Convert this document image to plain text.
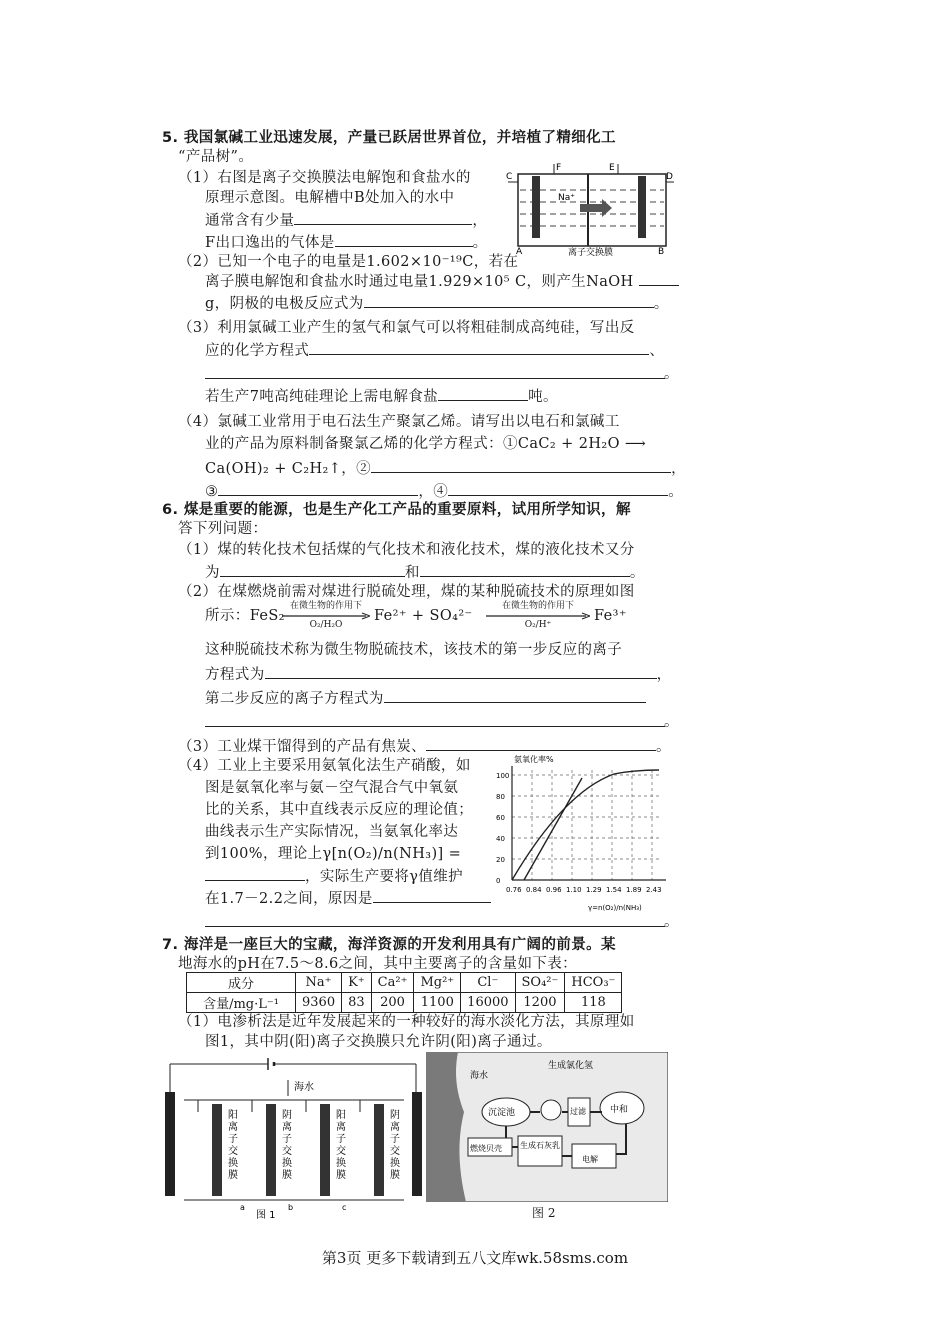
5. 我国氯碱工业迅速发展，产量已跃居世界首位，并培植了精细化工
“产品树”。
（1）右图是离子交换膜法电解饱和食盐水的
原理示意图。电解槽中B处加入的水中
通常含有少量	，
F出口逸出的气体是	。
F	E
C	D
A	B
Na⁺
离子交换膜
（2）已知一个电子的电量是1.602×10⁻¹⁹C，若在
离子膜电解饱和食盐水时通过电量1.929×10⁵ C，则产生NaOH
g，阴极的电极反应式为	。
（3）利用氯碱工业产生的氢气和氯气可以将粗硅制成高纯硅，写出反
应的化学方程式	、
。
若生产7吨高纯硅理论上需电解食盐	吨。
（4）氯碱工业常用于电石法生产聚氯乙烯。请写出以电石和氯碱工
业的产品为原料制备聚氯乙烯的化学方程式：①CaC₂ + 2H₂O ⟶
Ca(OH)₂ + C₂H₂↑，②	，
③	，④	。
6. 煤是重要的能源，也是生产化工产品的重要原料，试用所学知识，解
答下列问题：
（1）煤的转化技术包括煤的气化技术和液化技术，煤的液化技术又分
为	和	。
（2）在煤燃烧前需对煤进行脱硫处理，煤的某种脱硫技术的原理如图
所示：FeS₂
在微生物的作用下
O₂/H₂O
Fe²⁺ + SO₄²⁻
在微生物的作用下
O₂/H⁺
Fe³⁺
这种脱硫技术称为微生物脱硫技术，该技术的第一步反应的离子
方程式为	，
第二步反应的离子方程式为
。
（3）工业煤干馏得到的产品有焦炭、	。
（4）工业上主要采用氨氧化法生产硝酸，如
图是氨氧化率与氨－空气混合气中氧氨
比的关系，其中直线表示反应的理论值；
曲线表示生产实际情况，当氨氧化率达
到100%，理论上γ[n(O₂)/n(NH₃)] =
，实际生产要将γ值维护
在1.7－2.2之间，原因是
。
氨氧化率%
0
20
40
60
80
100
0.76 0.84 0.96 1.10 1.29 1.54 1.89 2.43
γ=n(O₂)/n(NH₃)
7. 海洋是一座巨大的宝藏，海洋资源的开发利用具有广阔的前景。某
地海水的pH在7.5～8.6之间，其中主要离子的含量如下表：
成分	Na⁺	K⁺	Ca²⁺	Mg²⁺	Cl⁻	SO₄²⁻	HCO₃⁻
含量/mg·L⁻¹	9360	83	200	1100	16000	1200	118
（1）电渗析法是近年发展起来的一种较好的海水淡化方法，其原理如
图1，其中阴(阳)离子交换膜只允许阴(阳)离子通过。
海水
阳
离
子
交
换
膜
阴
离
子
交
换
膜
阳
离
子
交
换
膜
阴
离
子
交
换
膜
a	b	c
图 1
海水
生成氯化氢
沉淀池	过滤	中和
燃烧贝壳 生成石灰乳
电解
图 2
第3页 更多下载请到五八文库wk.58sms.com
